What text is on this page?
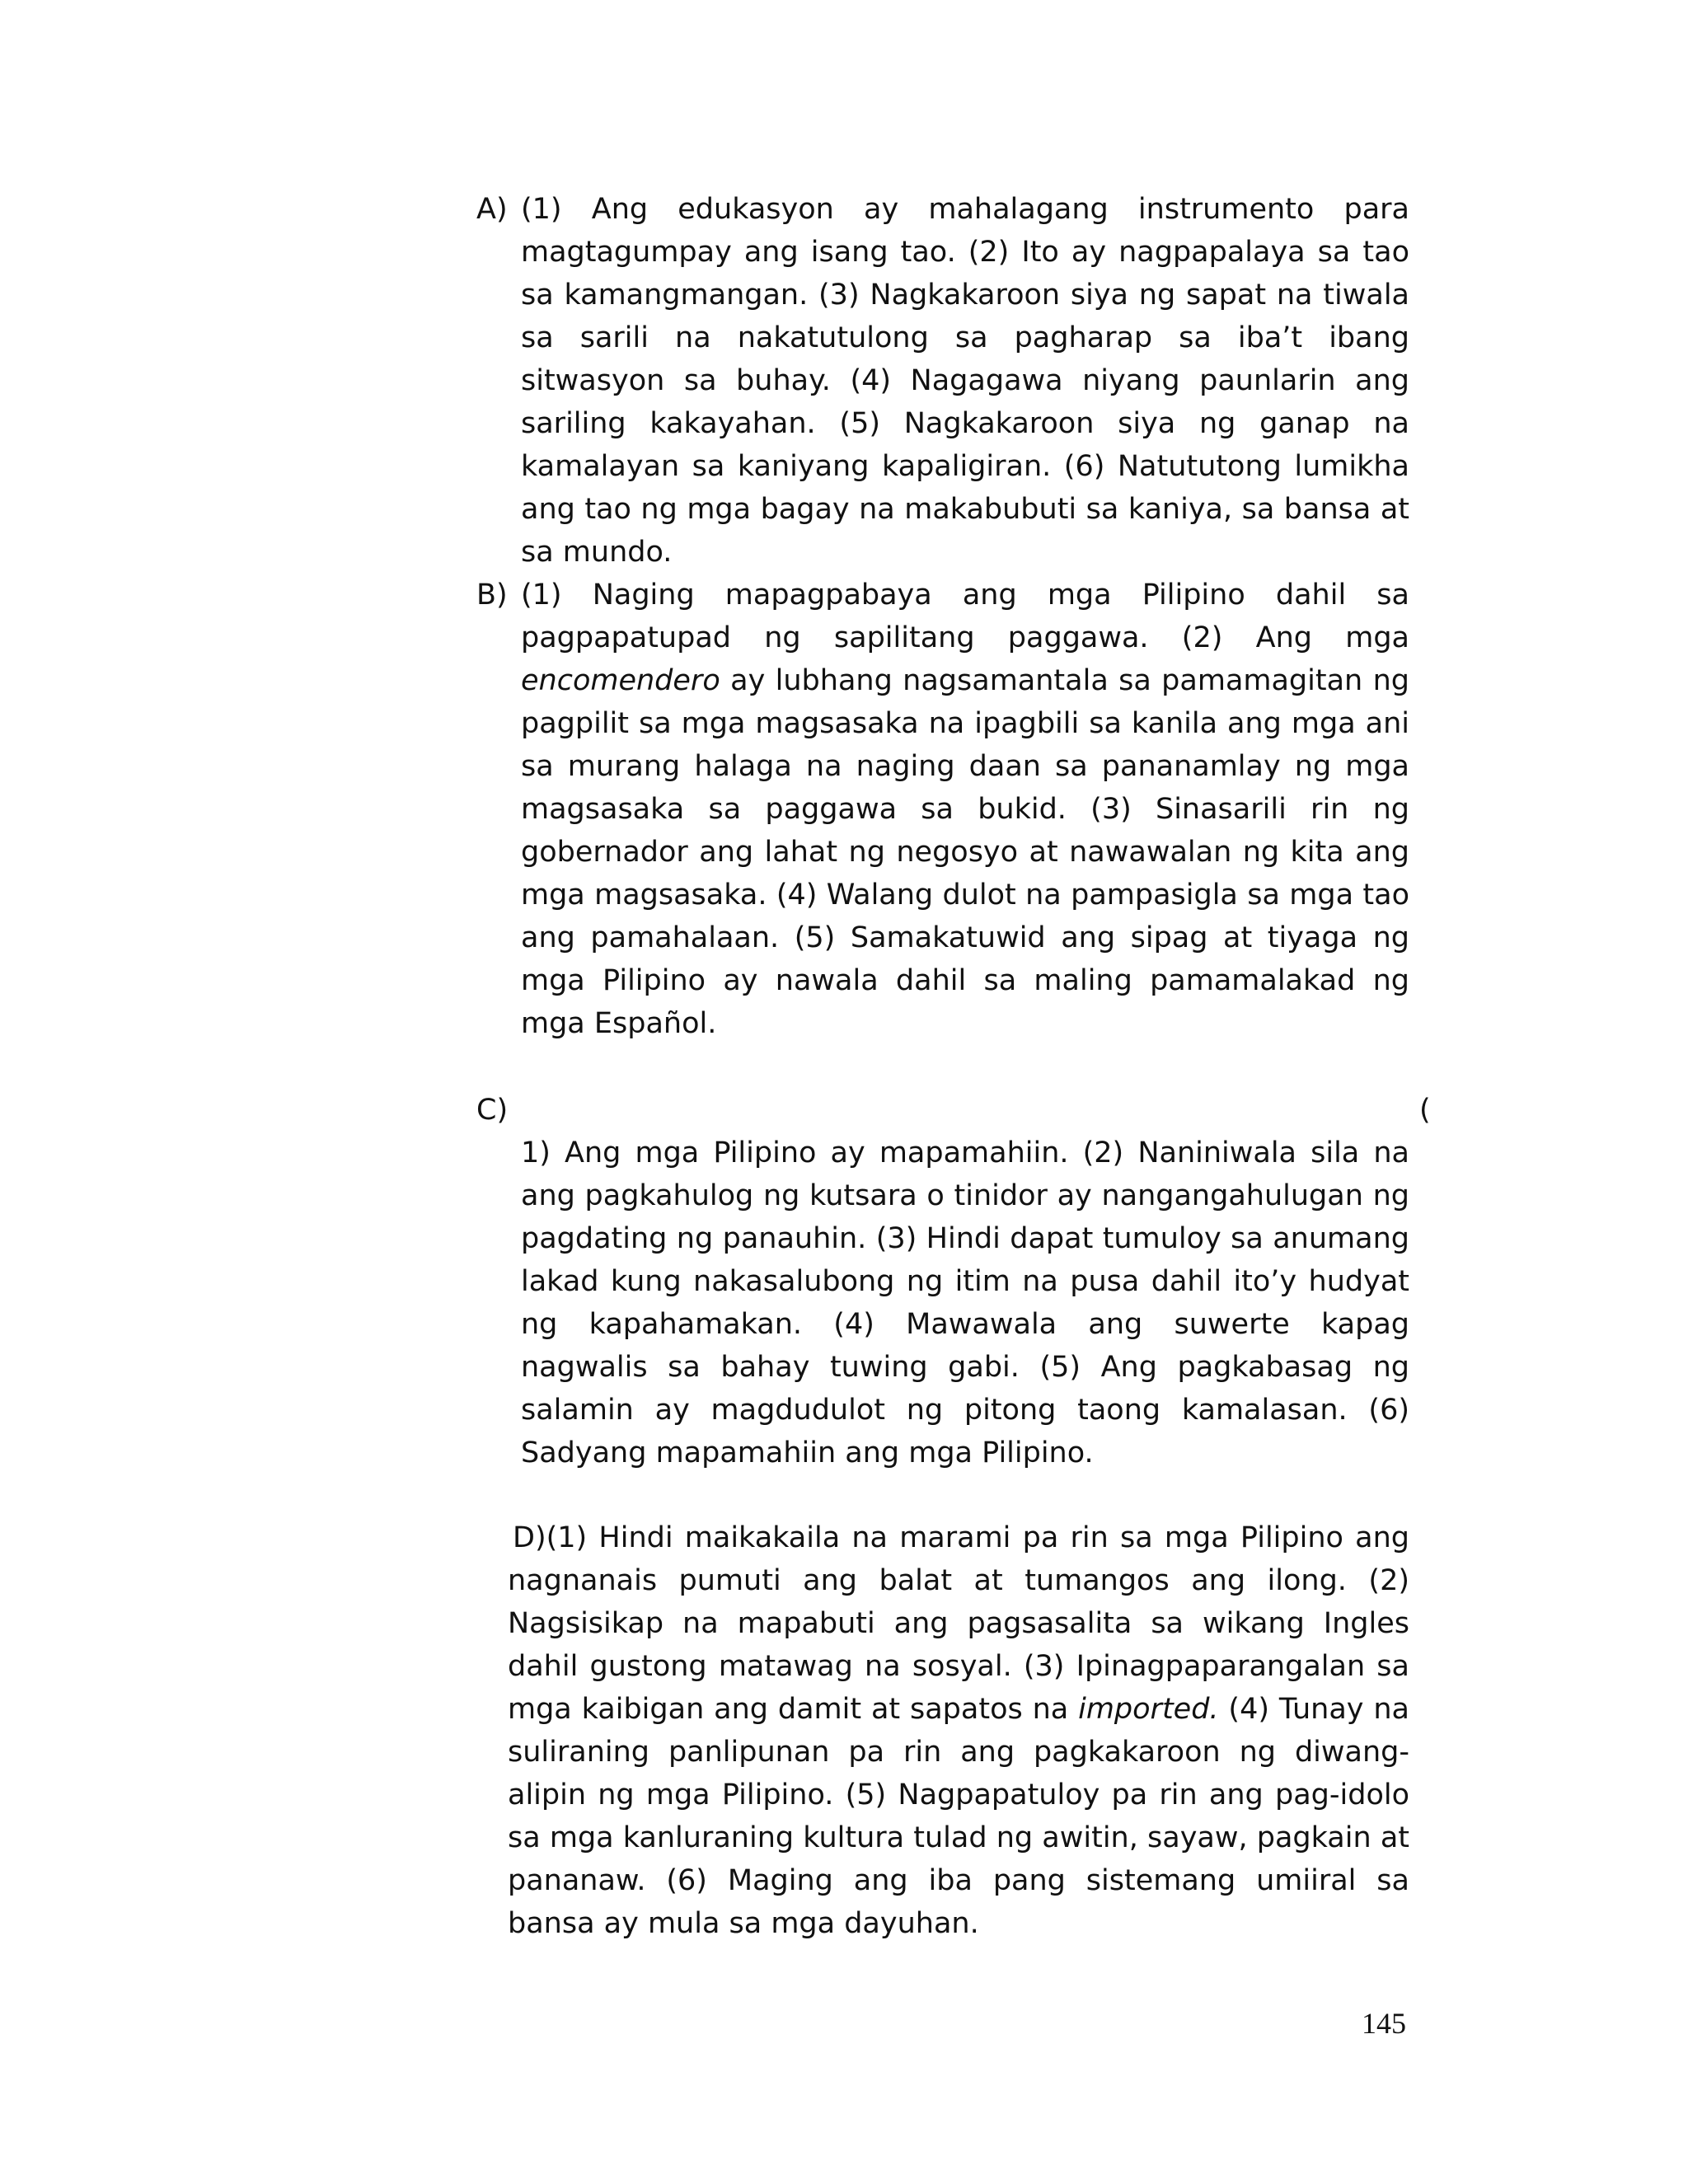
A) (1) Ang edukasyon ay mahalagang instrumento para magtagumpay ang isang tao. (2) Ito ay nagpapalaya sa tao sa kamangmangan. (3) Nagkakaroon siya ng sapat na tiwala sa sarili na nakatutulong sa pagharap sa iba’t ibang sitwasyon sa buhay. (4) Nagagawa niyang paunlarin ang sariling kakayahan. (5) Nagkakaroon siya ng ganap na kamalayan sa kaniyang kapaligiran. (6) Natututong lumikha ang tao ng mga bagay na makabubuti sa kaniya, sa bansa at sa mundo.

B) (1) Naging mapagpabaya ang mga Pilipino dahil sa pagpapatupad ng sapilitang paggawa. (2) Ang mga encomendero ay lubhang nagsamantala sa pamamagitan ng pagpilit sa mga magsasaka na ipagbili sa kanila ang mga ani sa murang halaga na naging daan sa pananamlay ng mga magsasaka sa paggawa sa bukid. (3) Sinasarili rin ng gobernador ang lahat ng negosyo at nawawalan ng kita ang mga magsasaka. (4) Walang dulot na pampasigla sa mga tao ang pamahalaan. (5) Samakatuwid ang sipag at tiyaga ng mga Pilipino ay nawala dahil sa maling pamamalakad ng mga Español.

C)	(

1) Ang mga Pilipino ay mapamahiin. (2) Naniniwala sila na ang pagkahulog ng kutsara o tinidor ay nangangahulugan ng pagdating ng panauhin. (3) Hindi dapat tumuloy sa anumang lakad kung nakasalubong ng itim na pusa dahil ito’y hudyat ng kapahamakan. (4) Mawawala ang suwerte kapag nagwalis sa bahay tuwing gabi. (5) Ang pagkabasag ng salamin ay magdudulot ng pitong taong kamalasan. (6) Sadyang mapamahiin ang mga Pilipino.

D)(1) Hindi maikakaila na marami pa rin sa mga Pilipino ang nagnanais pumuti ang balat at tumangos ang ilong. (2) Nagsisikap na mapabuti ang pagsasalita sa wikang Ingles dahil gustong matawag na sosyal. (3) Ipinagpaparangalan sa mga kaibigan ang damit at sapatos na imported. (4) Tunay na suliraning panlipunan pa rin ang pagkakaroon ng diwang-alipin ng mga Pilipino. (5) Nagpapatuloy pa rin ang pag-idolo sa mga kanluraning kultura tulad ng awitin, sayaw, pagkain at pananaw. (6) Maging ang iba pang sistemang umiiral sa bansa ay mula sa mga dayuhan.

145
